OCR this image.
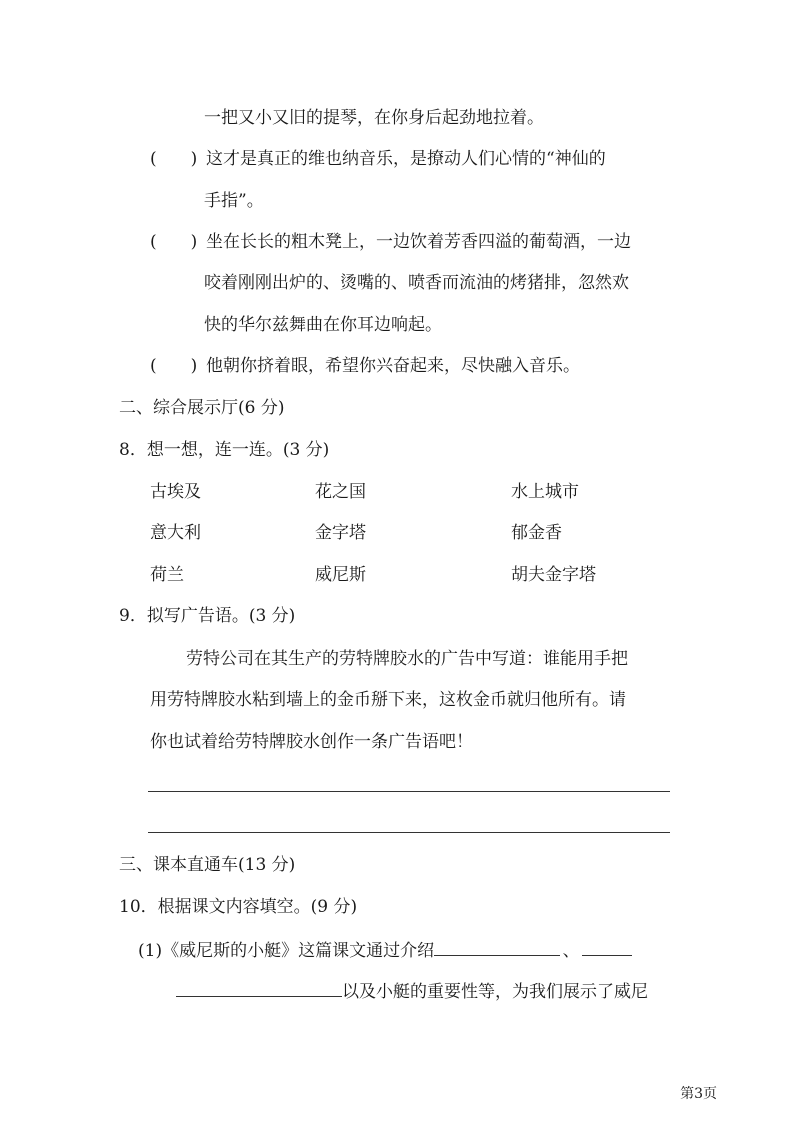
一把又小又旧的提琴，在你身后起劲地拉着。
( ) 这才是真正的维也纳音乐，是撩动人们心情的“神仙的
手指”。
( ) 坐在长长的粗木凳上，一边饮着芳香四溢的葡萄酒，一边
咬着刚刚出炉的、烫嘴的、喷香而流油的烤猪排，忽然欢
快的华尔兹舞曲在你耳边响起。
( ) 他朝你挤着眼，希望你兴奋起来，尽快融入音乐。
二、综合展示厅(6 分)
8．想一想，连一连。(3 分)
古埃及	花之国	水上城市
意大利	金字塔	郁金香
荷兰	威尼斯	胡夫金字塔
9．拟写广告语。(3 分)
劳特公司在其生产的劳特牌胶水的广告中写道：谁能用手把
用劳特牌胶水粘到墙上的金币掰下来，这枚金币就归他所有。请
你也试着给劳特牌胶水创作一条广告语吧！
三、课本直通车(13 分)
10．根据课文内容填空。(9 分)
(1)《威尼斯的小艇》这篇课文通过介绍	、
以及小艇的重要性等，为我们展示了威尼
第3页
